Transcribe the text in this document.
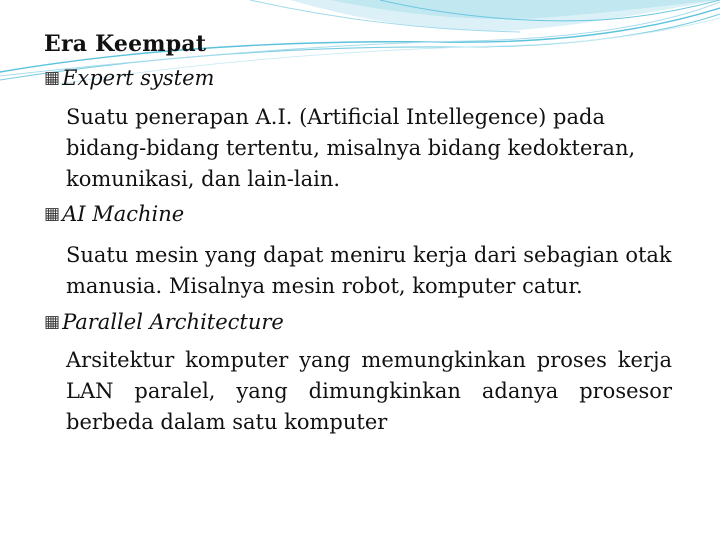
Era Keempat

▦Expert system

Suatu penerapan A.I. (Artificial Intellegence) pada bidang-bidang tertentu, misalnya bidang kedokteran, komunikasi, dan lain-lain.

▦AI Machine

Suatu mesin yang dapat meniru kerja dari sebagian otak manusia. Misalnya mesin robot, komputer catur.

▦Parallel Architecture

Arsitektur komputer yang memungkinkan proses kerja LAN paralel, yang dimungkinkan adanya prosesor berbeda dalam satu komputer
